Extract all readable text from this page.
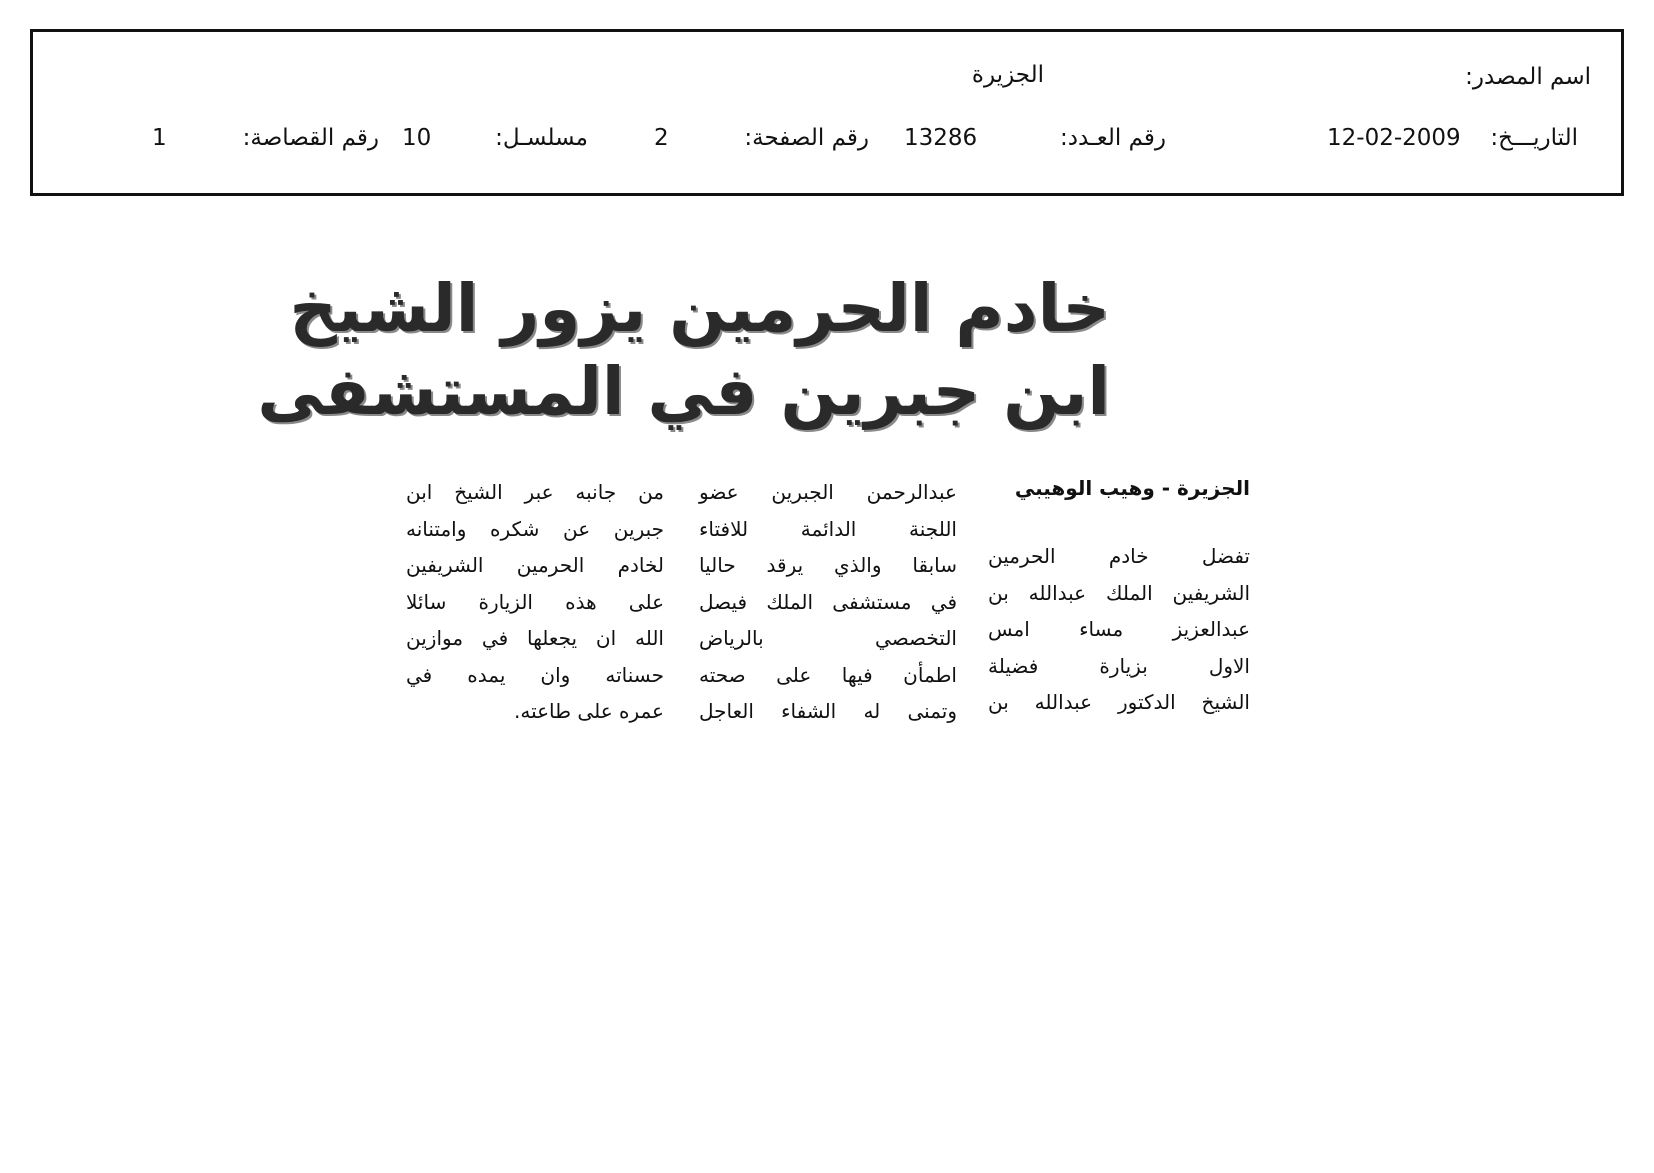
اسم المصدر:
الجزيرة
التاريـــخ:
12-02-2009
رقم العـدد:
13286
رقم الصفحة:
2
مسلسـل:
10
رقم القصاصة:
1
خادم الحرمين يزور الشيخ
ابن جبرين في المستشفى
الجزيرة - وهيب الوهيبي
تفضل خادم الحرمين
الشريفين الملك عبدالله بن
عبدالعزيز مساء امس
الاول بزيارة فضيلة
الشيخ الدكتور عبدالله بن
عبدالرحمن الجبرين عضو
اللجنة الدائمة للافتاء
سابقا والذي يرقد حاليا
في مستشفى الملك فيصل
التخصصي بالرياض
اطمأن فيها على صحته
وتمنى له الشفاء العاجل
من جانبه عبر الشيخ ابن
جبرين عن شكره وامتنانه
لخادم الحرمين الشريفين
على هذه الزيارة سائلا
الله ان يجعلها في موازين
حسناته وان يمده في
عمره على طاعته.
